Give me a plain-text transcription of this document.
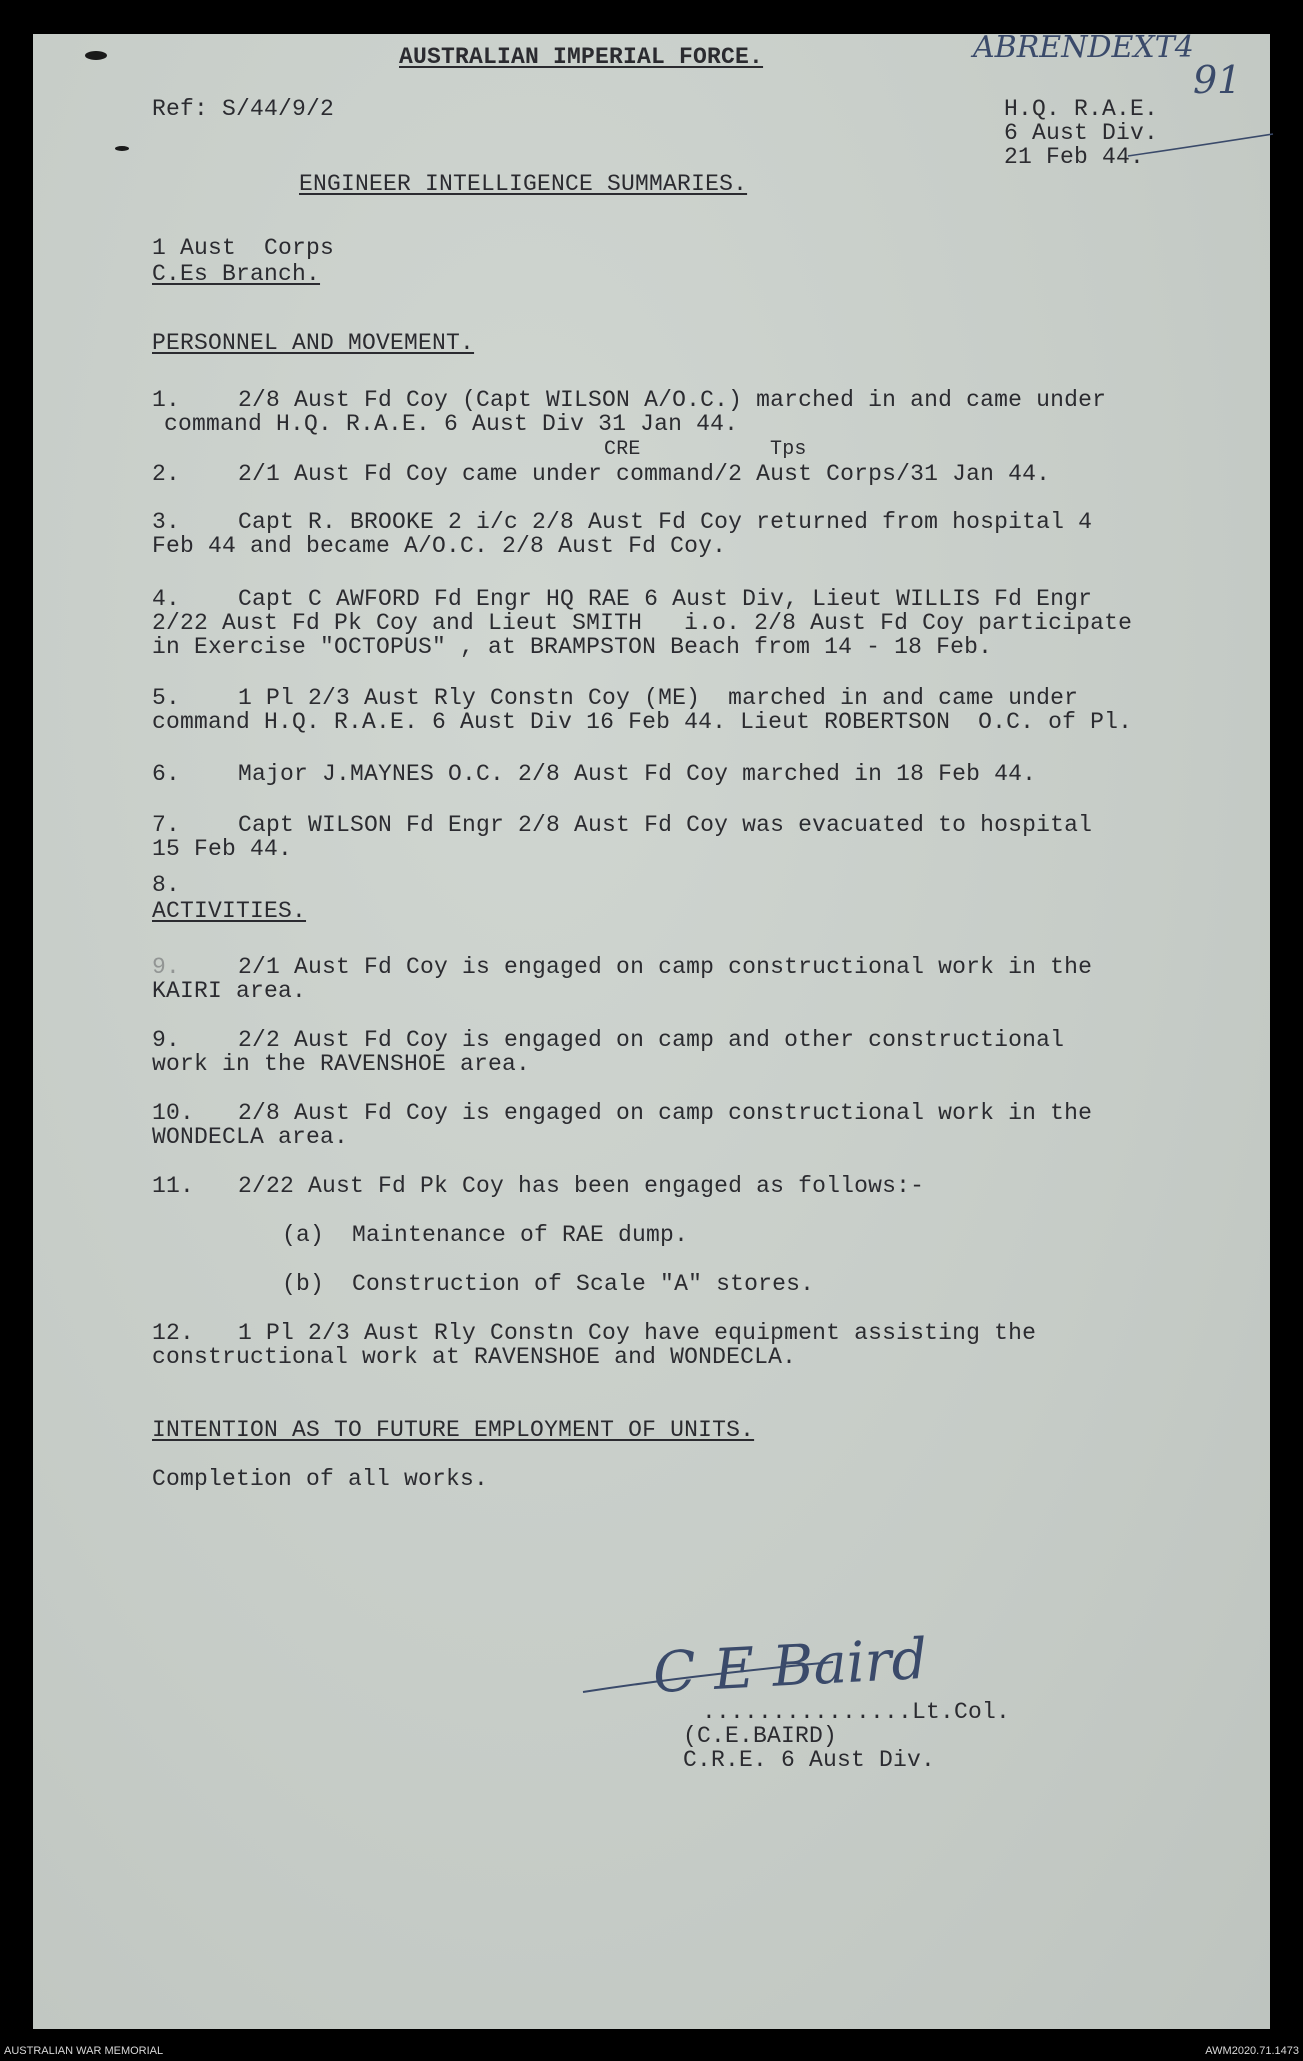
AUSTRALIAN IMPERIAL FORCE.	ABRENDEXT4
91
Ref: S/44/9/2	H.Q. R.A.E.
6 Aust Div.
21 Feb 44.
ENGINEER INTELLIGENCE SUMMARIES.
1 Aust  Corps
C.Es Branch.
PERSONNEL AND MOVEMENT.
1.	2/8 Aust Fd Coy (Capt WILSON A/O.C.) marched in and came under
command H.Q. R.A.E. 6 Aust Div 31 Jan 44.
CRE	Tps
2.	2/1 Aust Fd Coy came under command/2 Aust Corps/31 Jan 44.
3.	Capt R. BROOKE 2 i/c 2/8 Aust Fd Coy returned from hospital 4
Feb 44 and became A/O.C. 2/8 Aust Fd Coy.
4.	Capt C AWFORD Fd Engr HQ RAE 6 Aust Div, Lieut WILLIS Fd Engr
2/22 Aust Fd Pk Coy and Lieut SMITH   i.o. 2/8 Aust Fd Coy participate
in Exercise "OCTOPUS" , at BRAMPSTON Beach from 14 - 18 Feb.
5.	1 Pl 2/3 Aust Rly Constn Coy (ME)  marched in and came under
command H.Q. R.A.E. 6 Aust Div 16 Feb 44. Lieut ROBERTSON  O.C. of Pl.
6.	Major J.MAYNES O.C. 2/8 Aust Fd Coy marched in 18 Feb 44.
7.	Capt WILSON Fd Engr 2/8 Aust Fd Coy was evacuated to hospital
15 Feb 44.
8.
ACTIVITIES.
9.	2/1 Aust Fd Coy is engaged on camp constructional work in the
KAIRI area.
9.	2/2 Aust Fd Coy is engaged on camp and other constructional
work in the RAVENSHOE area.
10. 2/8 Aust Fd Coy is engaged on camp constructional work in the
WONDECLA area.
11. 2/22 Aust Fd Pk Coy has been engaged as follows:-
(a)  Maintenance of RAE dump.
(b)  Construction of Scale "A" stores.
12. 1 Pl 2/3 Aust Rly Constn Coy have equipment assisting the
constructional work at RAVENSHOE and WONDECLA.
INTENTION AS TO FUTURE EMPLOYMENT OF UNITS.
Completion of all works.
C E Baird
...............Lt.Col.
(C.E.BAIRD)
C.R.E. 6 Aust Div.
AUSTRALIAN WAR MEMORIAL	AWM2020.71.1473
